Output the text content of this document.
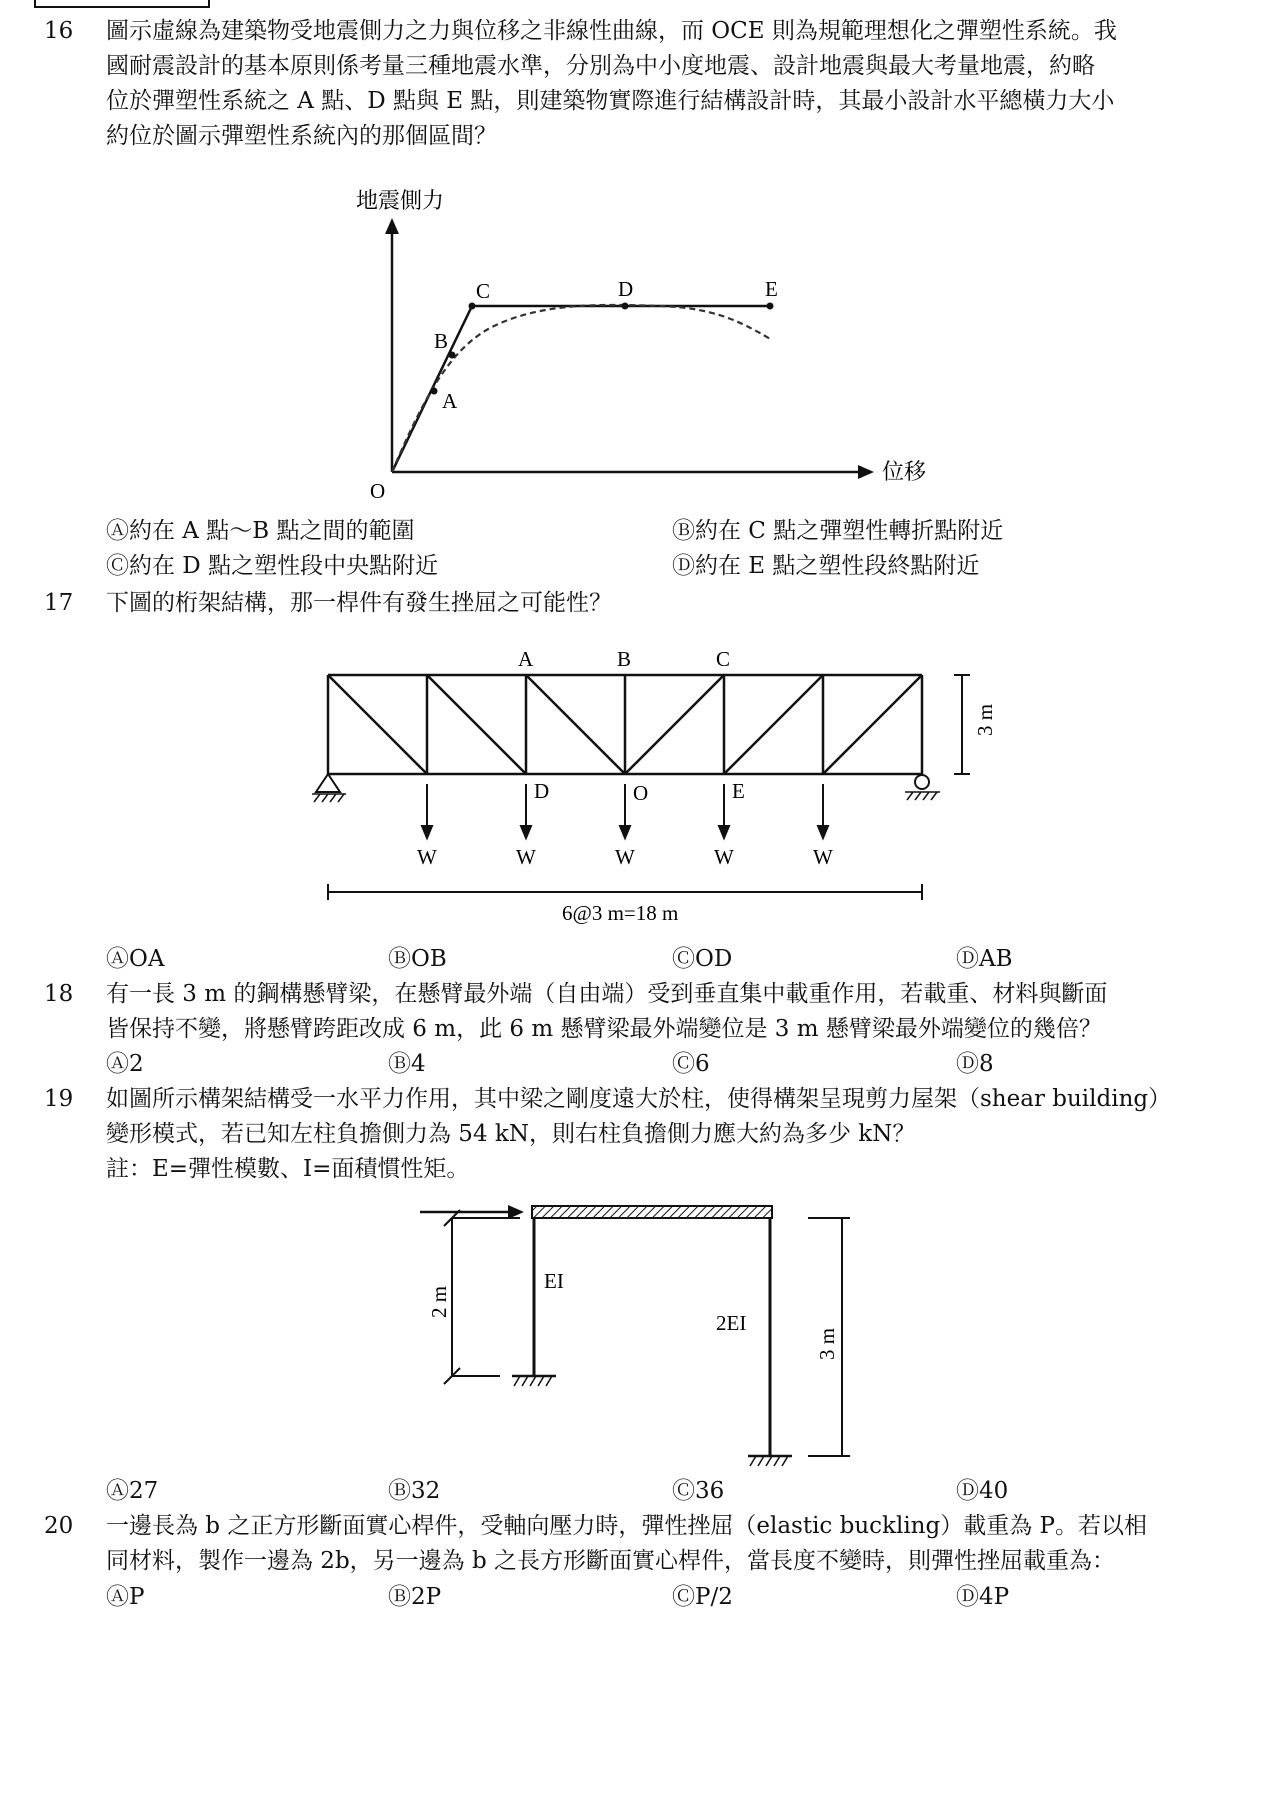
16 圖示虛線為建築物受地震側力之力與位移之非線性曲線，而 OCE 則為規範理想化之彈塑性系統。我
國耐震設計的基本原則係考量三種地震水準，分別為中小度地震、設計地震與最大考量地震，約略
位於彈塑性系統之 A 點、D 點與 E 點，則建築物實際進行結構設計時，其最小設計水平總橫力大小
約位於圖示彈塑性系統內的那個區間？
地震側力
位移
O
A
B
C	D	E
Ⓐ約在 A 點～B 點之間的範圍	Ⓑ約在 C 點之彈塑性轉折點附近
Ⓒ約在 D 點之塑性段中央點附近	Ⓓ約在 E 點之塑性段終點附近
17 下圖的桁架結構，那一桿件有發生挫屈之可能性？
A	B	C
D	O	E
W	W	W	W	W
3 m
6@3 m=18 m
ⒶOA	ⒷOB	ⒸOD	ⒹAB
18 有一長 3 m 的鋼構懸臂梁，在懸臂最外端（自由端）受到垂直集中載重作用，若載重、材料與斷面
皆保持不變，將懸臂跨距改成 6 m，此 6 m 懸臂梁最外端變位是 3 m 懸臂梁最外端變位的幾倍？
Ⓐ2	Ⓑ4	Ⓒ6	Ⓓ8
19 如圖所示構架結構受一水平力作用，其中梁之剛度遠大於柱，使得構架呈現剪力屋架（shear building）
變形模式，若已知左柱負擔側力為 54 kN，則右柱負擔側力應大約為多少 kN？
註：E=彈性模數、I=面積慣性矩。
EI
2EI
2 m
3 m
Ⓐ27	Ⓑ32	Ⓒ36	Ⓓ40
20 一邊長為 b 之正方形斷面實心桿件，受軸向壓力時，彈性挫屈（elastic buckling）載重為 P。若以相
同材料，製作一邊為 2b，另一邊為 b 之長方形斷面實心桿件，當長度不變時，則彈性挫屈載重為：
ⒶP	Ⓑ2P	ⒸP/2	Ⓓ4P
